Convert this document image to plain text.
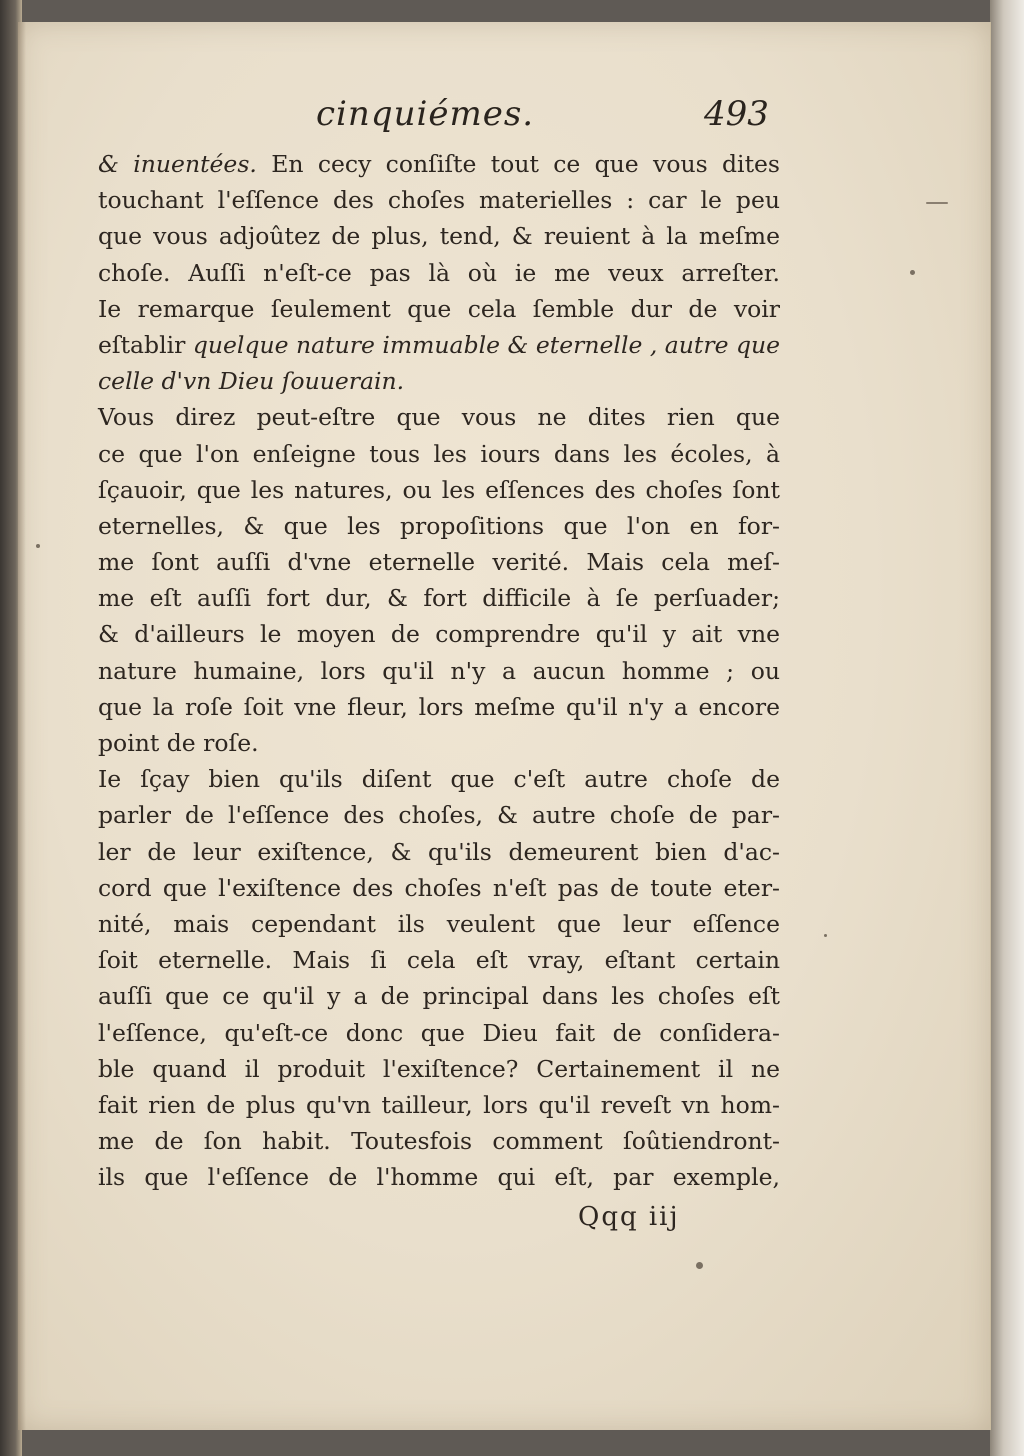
cinquiémes.	493
& inuentées. En cecy conſiſte tout ce que vous dites
touchant l'eſſence des choſes materielles : car le peu
que vous adjoûtez de plus, tend, & reuient à la meſme
choſe. Auſſi n'eſt-ce pas là où ie me veux arreſter.
Ie remarque ſeulement que cela ſemble dur de voir
eſtablir quelque nature immuable & eternelle , autre que
celle d'vn Dieu ſouuerain.
Vous direz peut-eſtre que vous ne dites rien que
ce que l'on enſeigne tous les iours dans les écoles, à
ſçauoir, que les natures, ou les eſſences des choſes ſont
eternelles, & que les propoſitions que l'on en for-
me ſont auſſi d'vne eternelle verité. Mais cela meſ-
me eſt auſſi fort dur, & fort difficile à ſe perſuader;
& d'ailleurs le moyen de comprendre qu'il y ait vne
nature humaine, lors qu'il n'y a aucun homme ; ou
que la roſe ſoit vne fleur, lors meſme qu'il n'y a encore
point de roſe.
Ie ſçay bien qu'ils diſent que c'eſt autre choſe de
parler de l'eſſence des choſes, & autre choſe de par-
ler de leur exiſtence, & qu'ils demeurent bien d'ac-
cord que l'exiſtence des choſes n'eſt pas de toute eter-
nité, mais cependant ils veulent que leur eſſence
ſoit eternelle. Mais ſi cela eſt vray, eſtant certain
auſſi que ce qu'il y a de principal dans les choſes eſt
l'eſſence, qu'eſt-ce donc que Dieu fait de conſidera-
ble quand il produit l'exiſtence? Certainement il ne
fait rien de plus qu'vn tailleur, lors qu'il reveſt vn hom-
me de ſon habit. Toutesfois comment ſoûtiendront-
ils que l'eſſence de l'homme qui eſt, par exemple,
Qqq iij
